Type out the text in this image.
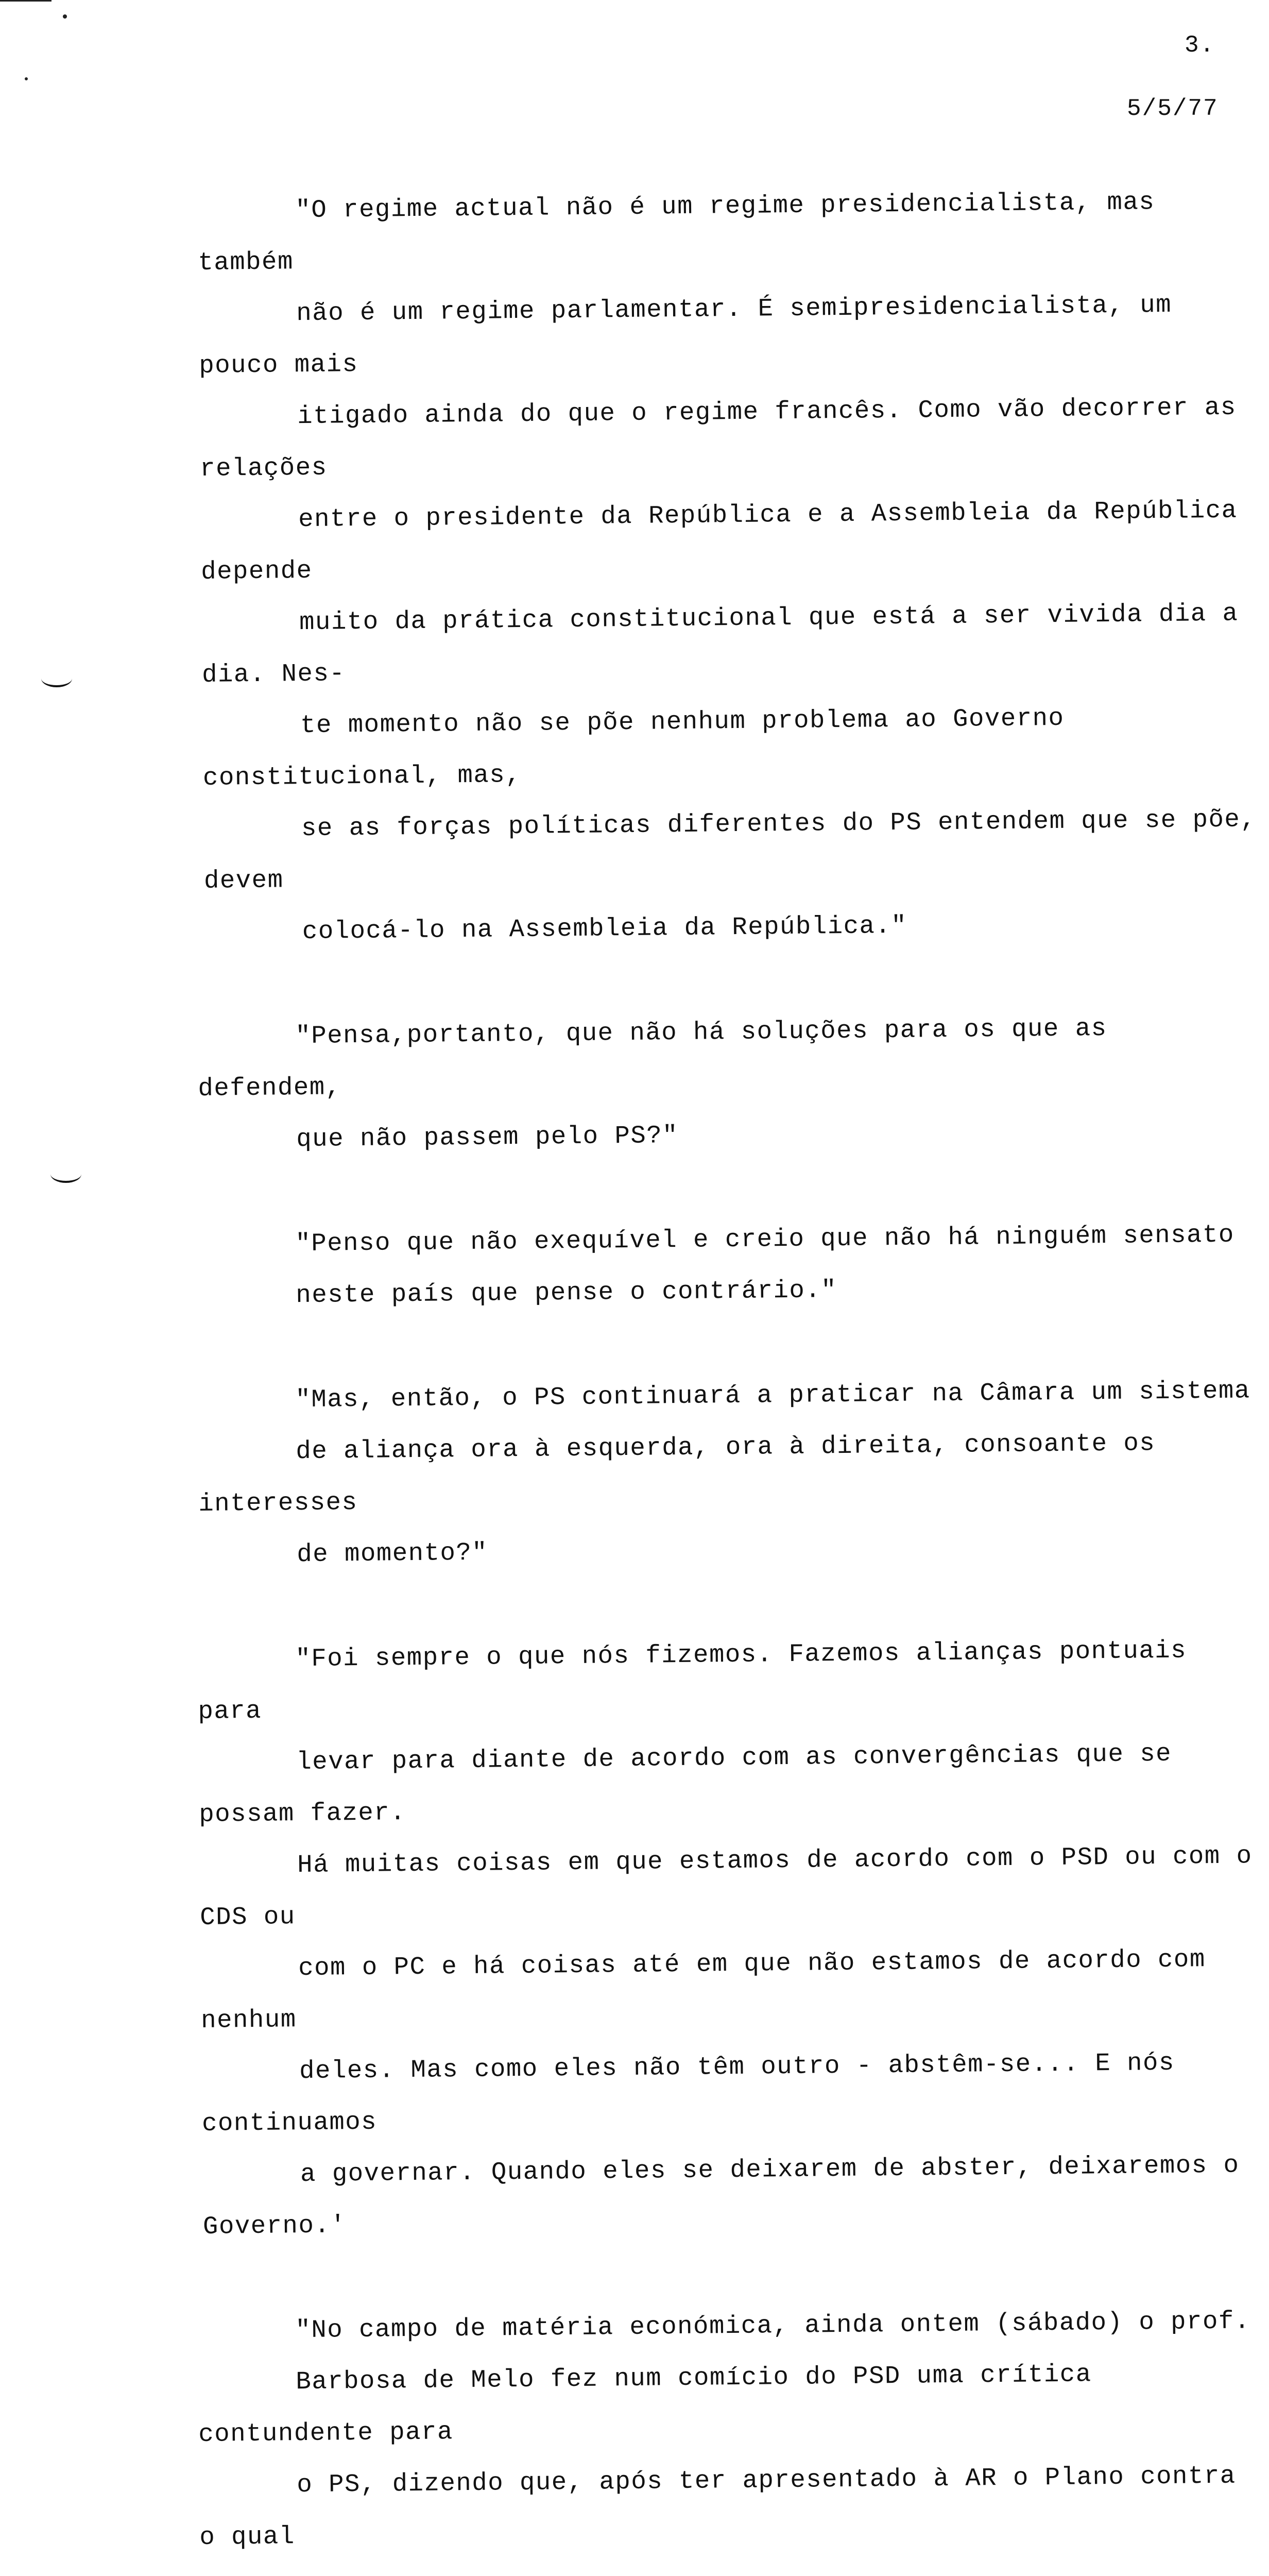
3.
5/5/77
"O regime actual não é um regime presidencialista, mas também
não é um regime parlamentar. É semipresidencialista, um pouco mais
itigado ainda do que o regime francês. Como vão decorrer as relações
entre o presidente da República e a Assembleia da República depende
muito da prática constitucional que está a ser vivida dia a dia. Nes-
te momento não se põe nenhum problema ao Governo constitucional, mas,
se as forças políticas diferentes do PS entendem que se põe, devem
colocá-lo na Assembleia da República."
"Pensa,portanto, que não há soluções para os que as defendem,
que não passem pelo PS?"
"Penso que não exequível e creio que não há ninguém sensato
neste país que pense o contrário."
"Mas, então, o PS continuará a praticar na Câmara um sistema
de aliança ora à esquerda, ora à direita, consoante os interesses
de momento?"
"Foi sempre o que nós fizemos. Fazemos alianças pontuais para
levar para diante de acordo com as convergências que se possam fazer.
Há muitas coisas em que estamos de acordo com o PSD ou com o CDS ou
com o PC e há coisas até em que não estamos de acordo com nenhum
deles. Mas como eles não têm outro - abstêm-se... E nós continuamos
a governar. Quando eles se deixarem de abster, deixaremos o Governo.'
"No campo de matéria económica, ainda ontem (sábado) o prof.
Barbosa de Melo fez num comício do PSD uma crítica contundente para
o PS, dizendo que, após ter apresentado à AR o Plano contra o qual
